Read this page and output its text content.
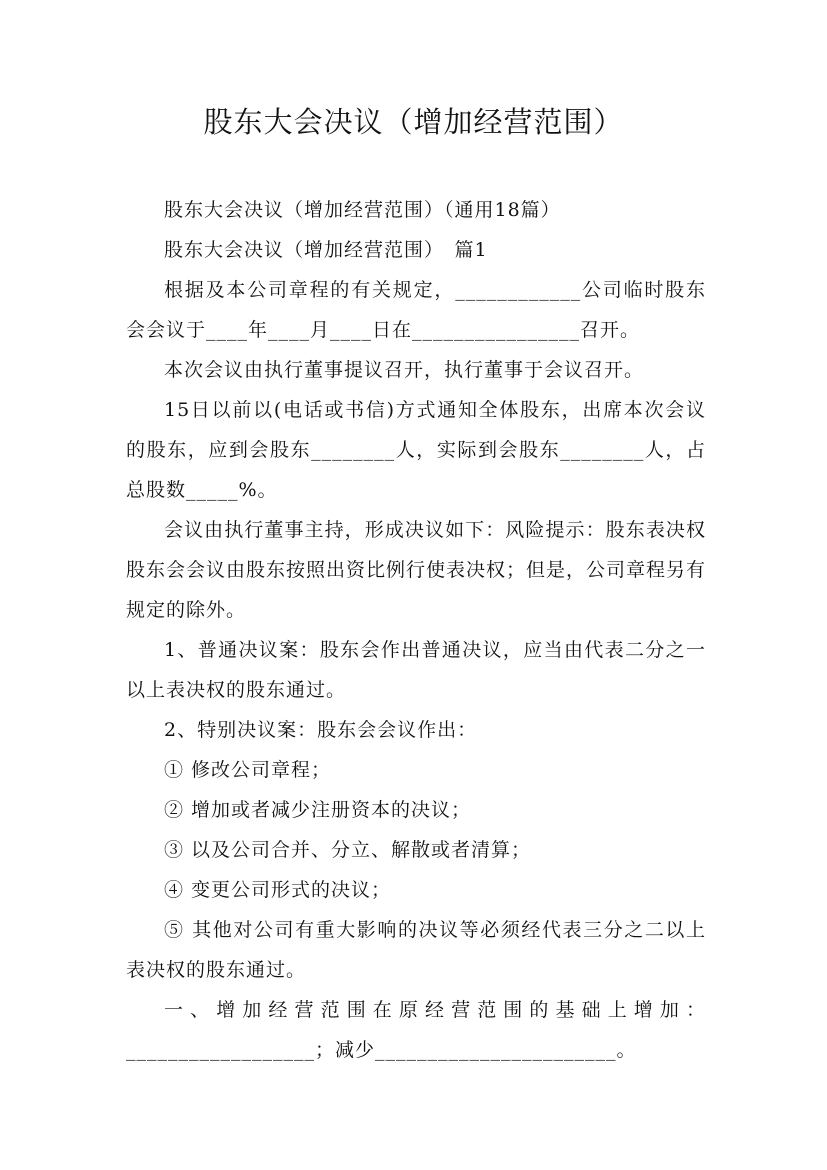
股东大会决议（增加经营范围）

股东大会决议（增加经营范围）（通用18篇）

股东大会决议（增加经营范围）　篇1

根据及本公司章程的有关规定，____________公司临时股东会会议于____年____月____日在________________召开。

本次会议由执行董事提议召开，执行董事于会议召开。

15日以前以(电话或书信)方式通知全体股东，出席本次会议的股东，应到会股东________人，实际到会股东________人，占总股数_____%。

会议由执行董事主持，形成决议如下：风险提示：股东表决权 股东会会议由股东按照出资比例行使表决权；但是，公司章程另有规定的除外。

1、普通决议案：股东会作出普通决议，应当由代表二分之一以上表决权的股东通过。

2、特别决议案：股东会会议作出：

① 修改公司章程；

② 增加或者减少注册资本的决议；

③ 以及公司合并、分立、解散或者清算；

④ 变更公司形式的决议；

⑤ 其他对公司有重大影响的决议等必须经代表三分之二以上表决权的股东通过。

一、增加经营范围在原经营范围的基础上增加：__________________；减少_______________________。
